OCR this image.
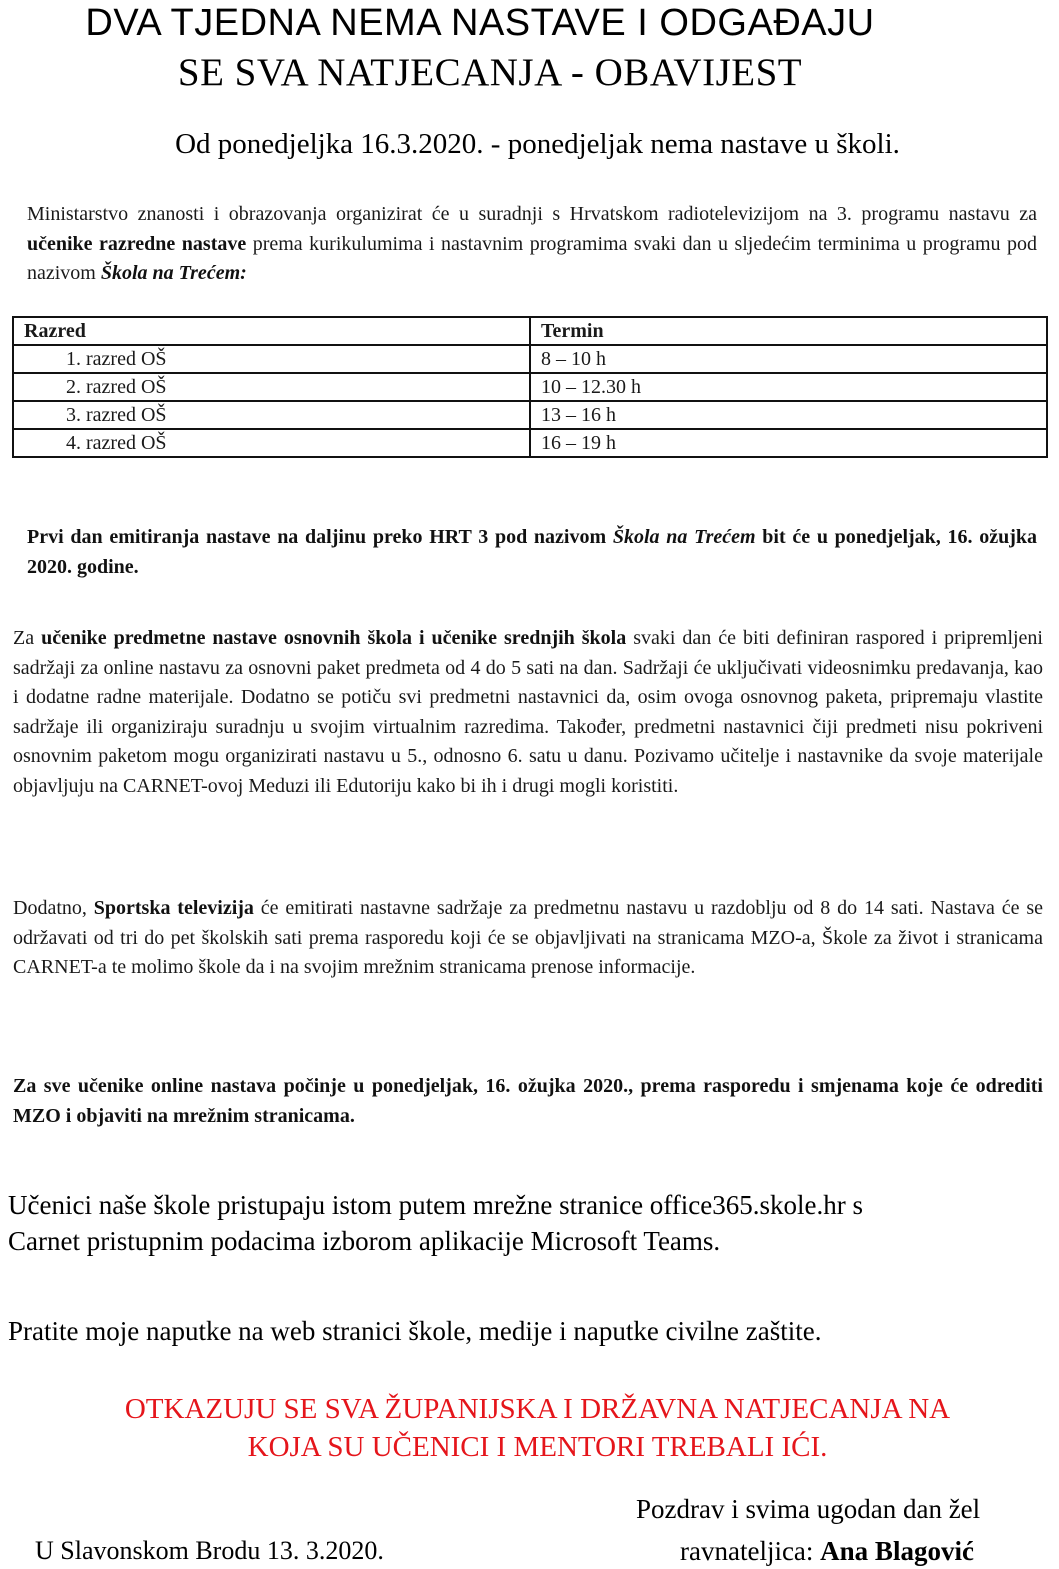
DVA TJEDNA NEMA NASTAVE I ODGAĐAJU
SE SVA NATJECANJA - OBAVIJEST
Od ponedjeljka 16.3.2020. - ponedjeljak nema nastave u školi.
Ministarstvo znanosti i obrazovanja organizirat će u suradnji s Hrvatskom radiotelevizijom na 3. programu nastavu za učenike razredne nastave prema kurikulumima i nastavnim programima svaki dan u sljedećim terminima u programu pod nazivom Škola na Trećem:
Razred	Termin
1. razred OŠ	8 – 10 h
2. razred OŠ	10 – 12.30 h
3. razred OŠ	13 – 16 h
4. razred OŠ	16 – 19 h
Prvi dan emitiranja nastave na daljinu preko HRT 3 pod nazivom Škola na Trećem bit će u ponedjeljak, 16. ožujka 2020. godine.
Za učenike predmetne nastave osnovnih škola i učenike srednjih škola svaki dan će biti definiran raspored i pripremljeni sadržaji za online nastavu za osnovni paket predmeta od 4 do 5 sati na dan. Sadržaji će uključivati videosnimku predavanja, kao i dodatne radne materijale. Dodatno se potiču svi predmetni nastavnici da, osim ovoga osnovnog paketa, pripremaju vlastite sadržaje ili organiziraju suradnju u svojim virtualnim razredima. Također, predmetni nastavnici čiji predmeti nisu pokriveni osnovnim paketom mogu organizirati nastavu u 5., odnosno 6. satu u danu. Pozivamo učitelje i nastavnike da svoje materijale objavljuju na CARNET-ovoj Meduzi ili Edutoriju kako bi ih i drugi mogli koristiti.
Dodatno, Sportska televizija će emitirati nastavne sadržaje za predmetnu nastavu u razdoblju od 8 do 14 sati. Nastava će se održavati od tri do pet školskih sati prema rasporedu koji će se objavljivati na stranicama MZO-a, Škole za život i stranicama CARNET-a te molimo škole da i na svojim mrežnim stranicama prenose informacije.
Za sve učenike online nastava počinje u ponedjeljak, 16. ožujka 2020., prema rasporedu i smjenama koje će odrediti MZO i objaviti na mrežnim stranicama.
Učenici naše škole pristupaju istom putem mrežne stranice office365.skole.hr s
Carnet pristupnim podacima izborom aplikacije Microsoft Teams.
Pratite moje naputke na web stranici škole, medije i naputke civilne zaštite.
OTKAZUJU SE SVA ŽUPANIJSKA I DRŽAVNA NATJECANJA NA
KOJA SU UČENICI I MENTORI TREBALI IĆI.
Pozdrav i svima ugodan dan žel
U Slavonskom Brodu 13. 3.2020.	ravnateljica: Ana Blagović
